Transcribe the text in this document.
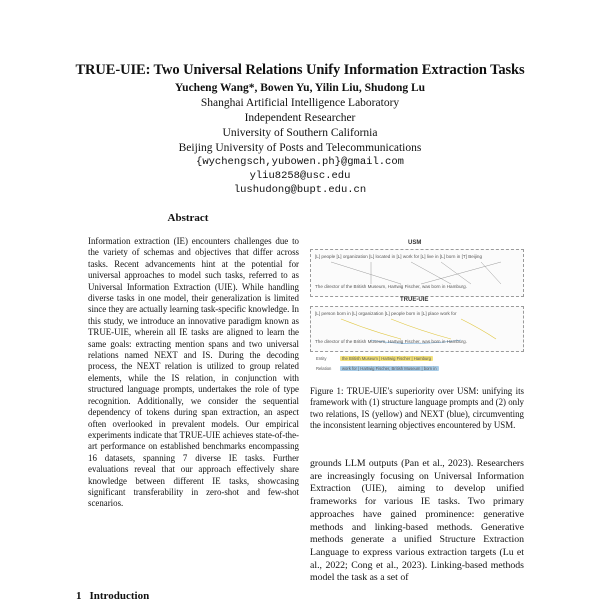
TRUE-UIE: Two Universal Relations Unify Information Extraction Tasks
Yucheng Wang*, Bowen Yu, Yilin Liu, Shudong Lu
Shanghai Artificial Intelligence Laboratory
Independent Researcher
University of Southern California
Beijing University of Posts and Telecommunications
{wychengsch,yubowen.ph}@gmail.com
yliu8258@usc.edu
lushudong@bupt.edu.cn
Abstract
Information extraction (IE) encounters challenges due to the variety of schemas and objectives that differ across tasks. Recent advancements hint at the potential for universal approaches to model such tasks, referred to as Universal Information Extraction (UIE). While handling diverse tasks in one model, their generalization is limited since they are actually learning task-specific knowledge. In this study, we introduce an innovative paradigm known as TRUE-UIE, wherein all IE tasks are aligned to learn the same goals: extracting mention spans and two universal relations named NEXT and IS. During the decoding process, the NEXT relation is utilized to group related elements, while the IS relation, in conjunction with structured language prompts, undertakes the role of type recognition. Additionally, we consider the sequential dependency of tokens during span extraction, an aspect often overlooked in prevalent models. Our empirical experiments indicate that TRUE-UIE achieves state-of-the-art performance on established benchmarks encompassing 16 datasets, spanning 7 diverse IE tasks. Further evaluations reveal that our approach effectively share knowledge between different IE tasks, showcasing significant transferability in zero-shot and few-shot scenarios.
1 Introduction
USM
[L] people [L] organization [L] located in [L] work for [L] live in [L] born in [T] Beijing
The director of the British Museum, Hartwig Fischer, was born in Hamburg.
TRUE-UIE
[L] person born in [L] organization [L] people born in [L] place work for
The director of the British Museum, Hartwig Fischer, was born in Hamburg.
Entity	the British Museum | Hartwig Fischer | Hamburg
Relation	work for | Hartwig Fischer, British Museum | born in
Figure 1: TRUE-UIE's superiority over USM: unifying its framework with (1) structure language prompts and (2) only two relations, IS (yellow) and NEXT (blue), circumventing the inconsistent learning objectives encountered by USM.
grounds LLM outputs (Pan et al., 2023). Researchers are increasingly focusing on Universal Information Extraction (UIE), aiming to develop unified frameworks for various IE tasks. Two primary approaches have gained prominence: generative methods and linking-based methods. Generative methods generate a unified Structure Extraction Language to express various extraction targets (Lu et al., 2022; Cong et al., 2023). Linking-based methods model the task as a set of
